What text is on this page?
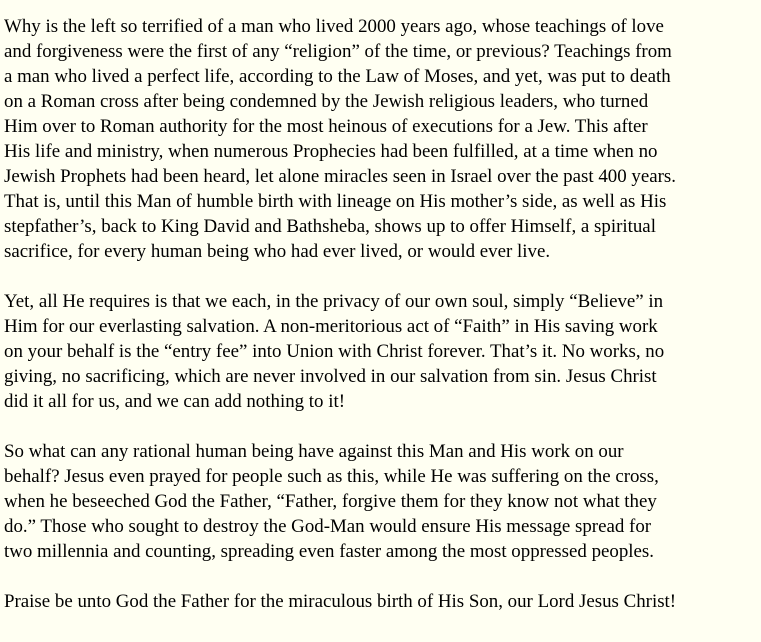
Why is the left so terrified of a man who lived 2000 years ago, whose teachings of love
and forgiveness were the first of any “religion” of the time, or previous? Teachings from
a man who lived a perfect life, according to the Law of Moses, and yet, was put to death
on a Roman cross after being condemned by the Jewish religious leaders, who turned
Him over to Roman authority for the most heinous of executions for a Jew. This after
His life and ministry, when numerous Prophecies had been fulfilled, at a time when no
Jewish Prophets had been heard, let alone miracles seen in Israel over the past 400 years.
That is, until this Man of humble birth with lineage on His mother’s side, as well as His
stepfather’s, back to King David and Bathsheba, shows up to offer Himself, a spiritual
sacrifice, for every human being who had ever lived, or would ever live.

Yet, all He requires is that we each, in the privacy of our own soul, simply “Believe” in
Him for our everlasting salvation. A non-meritorious act of “Faith” in His saving work
on your behalf is the “entry fee” into Union with Christ forever. That’s it. No works, no
giving, no sacrificing, which are never involved in our salvation from sin. Jesus Christ
did it all for us, and we can add nothing to it!

So what can any rational human being have against this Man and His work on our
behalf? Jesus even prayed for people such as this, while He was suffering on the cross,
when he beseeched God the Father, “Father, forgive them for they know not what they
do.” Those who sought to destroy the God-Man would ensure His message spread for
two millennia and counting, spreading even faster among the most oppressed peoples.

Praise be unto God the Father for the miraculous birth of His Son, our Lord Jesus Christ!
